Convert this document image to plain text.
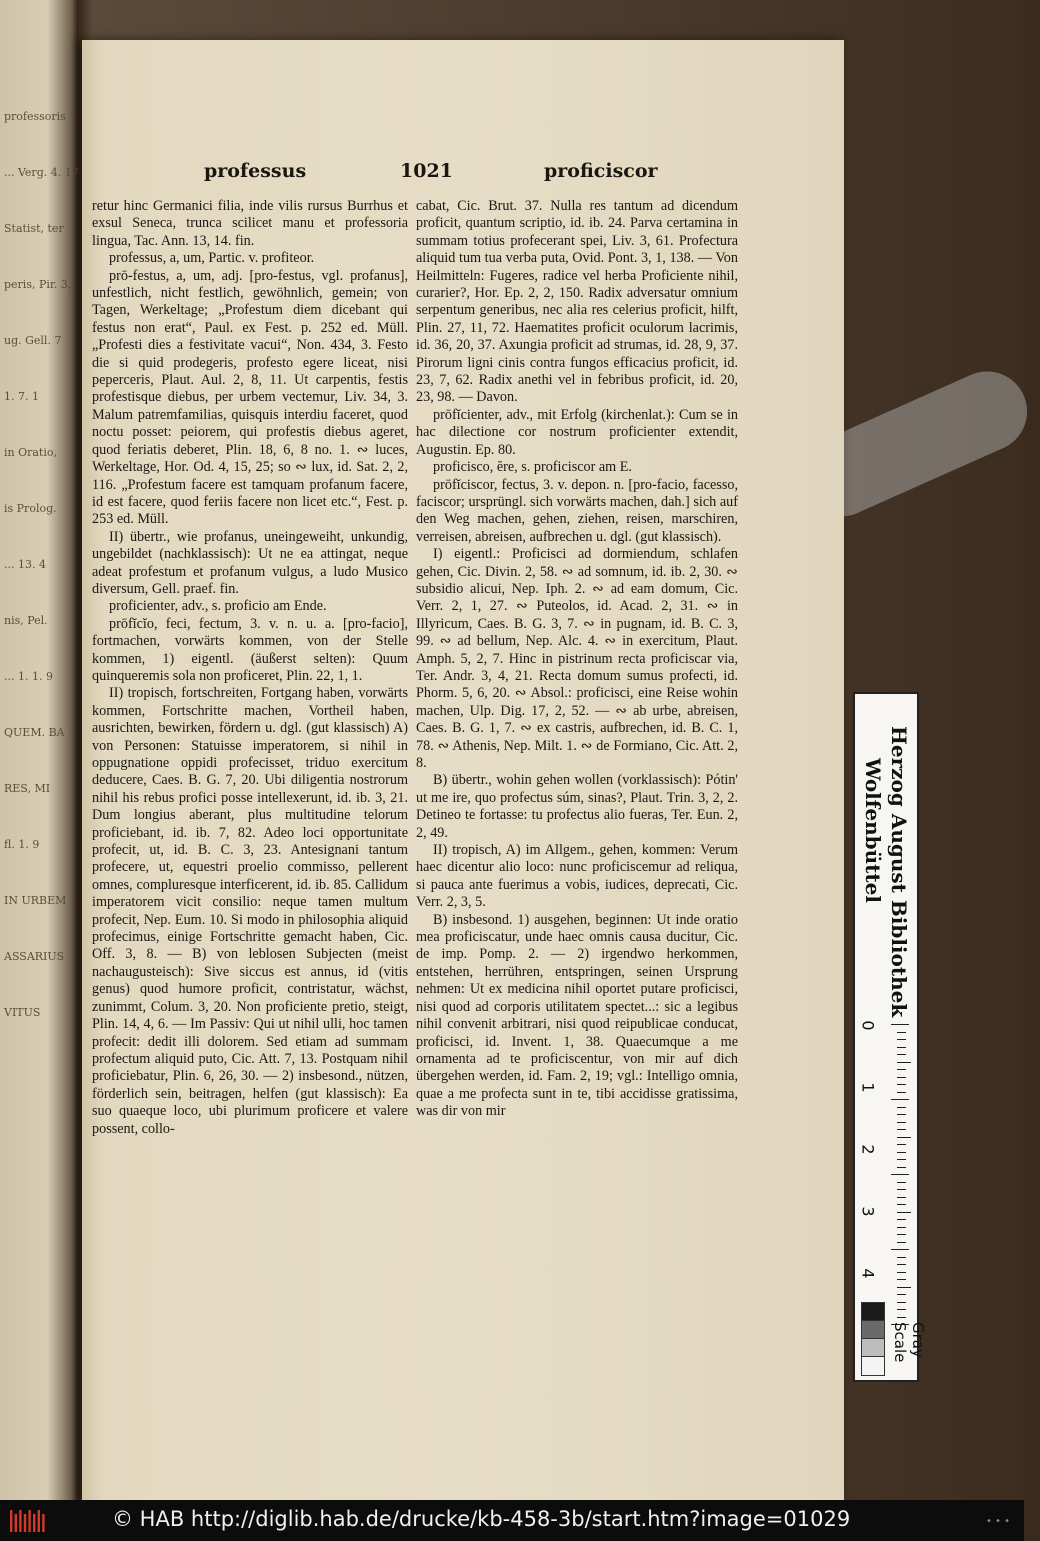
professoris
... Verg. 4. 17
Statist, ter
peris, Pir. 3,
ug. Gell. 7
1. 7. 1
in Oratio,
is Prolog.
... 13. 4
nis, Pel.
... 1. 1. 9
QUEM. BA
RES, MI
fl. 1. 9
IN URBEM
ASSARIUS
VITUS
professus	1021	proficiscor

retur hinc Germanici filia, inde vilis rursus Burrhus et exsul Seneca, trunca scilicet manu et professoria lingua, Tac. Ann. 13, 14. fin.

professus, a, um, Partic. v. profiteor.

prō-festus, a, um, adj. [pro-festus, vgl. profanus], unfestlich, nicht festlich, gewöhnlich, gemein; von Tagen, Werkeltage; „Profestum diem dicebant qui festus non erat“, Paul. ex Fest. p. 252 ed. Müll. „Profesti dies a festivitate vacui“, Non. 434, 3. Festo die si quid prodegeris, profesto egere liceat, nisi peperceris, Plaut. Aul. 2, 8, 11. Ut carpentis, festis profestisque diebus, per urbem vectemur, Liv. 34, 3. Malum patremfamilias, quisquis interdiu faceret, quod noctu posset: peiorem, qui profestis diebus ageret, quod feriatis deberet, Plin. 18, 6, 8 no. 1. ∾ luces, Werkeltage, Hor. Od. 4, 15, 25; so ∾ lux, id. Sat. 2, 2, 116. „Profestum facere est tamquam profanum facere, id est facere, quod feriis facere non licet etc.“, Fest. p. 253 ed. Müll.

II) übertr., wie profanus, uneingeweiht, unkundig, ungebildet (nachklassisch): Ut ne ea attingat, neque adeat profestum et profanum vulgus, a ludo Musico diversum, Gell. praef. fin.

proficienter, adv., s. proficio am Ende.

prōfĭcĭo, feci, fectum, 3. v. n. u. a. [pro-facio], fortmachen, vorwärts kommen, von der Stelle kommen, 1) eigentl. (äußerst selten): Quum quinqueremis sola non proficeret, Plin. 22, 1, 1.

II) tropisch, fortschreiten, Fortgang haben, vorwärts kommen, Fortschritte machen, Vortheil haben, ausrichten, bewirken, fördern u. dgl. (gut klassisch) A) von Personen: Statuisse imperatorem, si nihil in oppugnatione oppidi profecisset, triduo exercitum deducere, Caes. B. G. 7, 20. Ubi diligentia nostrorum nihil his rebus profici posse intellexerunt, id. ib. 3, 21. Dum longius aberant, plus multitudine telorum proficiebant, id. ib. 7, 82. Adeo loci opportunitate profecit, ut, id. B. C. 3, 23. Antesignani tantum profecere, ut, equestri proelio commisso, pellerent omnes, compluresque interficerent, id. ib. 85. Callidum imperatorem vicit consilio: neque tamen multum profecit, Nep. Eum. 10. Si modo in philosophia aliquid profecimus, einige Fortschritte gemacht haben, Cic. Off. 3, 8. — B) von leblosen Subjecten (meist nachaugusteisch): Sive siccus est annus, id (vitis genus) quod humore proficit, contristatur, wächst, zunimmt, Colum. 3, 20. Non proficiente pretio, steigt, Plin. 14, 4, 6. — Im Passiv: Qui ut nihil ulli, hoc tamen profecit: dedit illi dolorem. Sed etiam ad summam profectum aliquid puto, Cic. Att. 7, 13. Postquam nihil proficiebatur, Plin. 6, 26, 30. — 2) insbesond., nützen, förderlich sein, beitragen, helfen (gut klassisch): Ea suo quaeque loco, ubi plurimum proficere et valere possent, collo-

cabat, Cic. Brut. 37. Nulla res tantum ad dicendum proficit, quantum scriptio, id. ib. 24. Parva certamina in summam totius profecerant spei, Liv. 3, 61. Profectura aliquid tum tua verba puta, Ovid. Pont. 3, 1, 138. — Von Heilmitteln: Fugeres, radice vel herba Proficiente nihil, curarier?, Hor. Ep. 2, 2, 150. Radix adversatur omnium serpentum generibus, nec alia res celerius proficit, hilft, Plin. 27, 11, 72. Haematites proficit oculorum lacrimis, id. 36, 20, 37. Axungia proficit ad strumas, id. 28, 9, 37. Pirorum ligni cinis contra fungos efficacius proficit, id. 23, 7, 62. Radix anethi vel in febribus proficit, id. 20, 23, 98. — Davon.

prōfĭcienter, adv., mit Erfolg (kirchenlat.): Cum se in hac dilectione cor nostrum proficienter extendit, Augustin. Ep. 80.

proficisco, ĕre, s. proficiscor am E.

prōfĭciscor, fectus, 3. v. depon. n. [pro-facio, facesso, faciscor; ursprüngl. sich vorwärts machen, dah.] sich auf den Weg machen, gehen, ziehen, reisen, marschiren, verreisen, abreisen, aufbrechen u. dgl. (gut klassisch).

I) eigentl.: Proficisci ad dormiendum, schlafen gehen, Cic. Divin. 2, 58. ∾ ad somnum, id. ib. 2, 30. ∾ subsidio alicui, Nep. Iph. 2. ∾ ad eam domum, Cic. Verr. 2, 1, 27. ∾ Puteolos, id. Acad. 2, 31. ∾ in Illyricum, Caes. B. G. 3, 7. ∾ in pugnam, id. B. C. 3, 99. ∾ ad bellum, Nep. Alc. 4. ∾ in exercitum, Plaut. Amph. 5, 2, 7. Hinc in pistrinum recta proficiscar via, Ter. Andr. 3, 4, 21. Recta domum sumus profecti, id. Phorm. 5, 6, 20. ∾ Absol.: proficisci, eine Reise wohin machen, Ulp. Dig. 17, 2, 52. — ∾ ab urbe, abreisen, Caes. B. G. 1, 7. ∾ ex castris, aufbrechen, id. B. C. 1, 78. ∾ Athenis, Nep. Milt. 1. ∾ de Formiano, Cic. Att. 2, 8.

B) übertr., wohin gehen wollen (vorklassisch): Pótin' ut me ire, quo profectus súm, sinas?, Plaut. Trin. 3, 2, 2. Detineo te fortasse: tu profectus alio fueras, Ter. Eun. 2, 2, 49.

II) tropisch, A) im Allgem., gehen, kommen: Verum haec dicentur alio loco: nunc proficiscemur ad reliqua, si pauca ante fuerimus a vobis, iudices, deprecati, Cic. Verr. 2, 3, 5.

B) insbesond. 1) ausgehen, beginnen: Ut inde oratio mea proficiscatur, unde haec omnis causa ducitur, Cic. de imp. Pomp. 2. — 2) irgendwo herkommen, entstehen, herrühren, entspringen, seinen Ursprung nehmen: Ut ex medicina nihil oportet putare proficisci, nisi quod ad corporis utilitatem spectet...: sic a legibus nihil convenit arbitrari, nisi quod reipublicae conducat, proficisci, id. Invent. 1, 38. Quaecumque a me ornamenta ad te proficiscentur, von mir auf dich übergehen werden, id. Fam. 2, 19; vgl.: Intelligo omnia, quae a me profecta sunt in te, tibi accidisse gratissima, was dir von mir

Herzog August Bibliothek
Wolfenbüttel
0
1
2
3
4
Gray Scale
© HAB http://diglib.hab.de/drucke/kb-458-3b/start.htm?image=01029	• • •
